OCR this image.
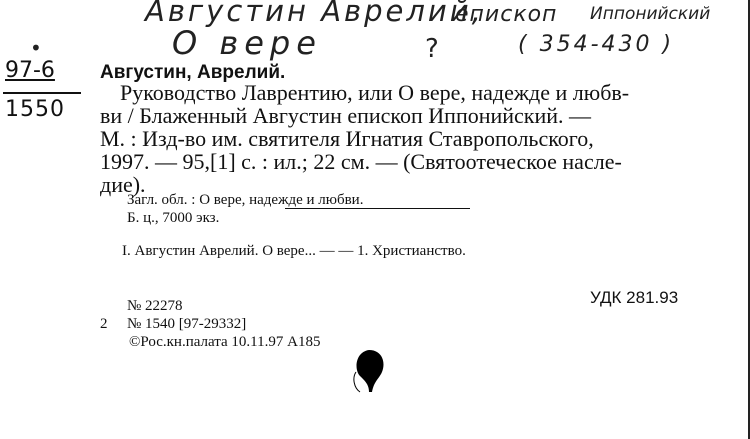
Августин Аврелий,
епископ Иппонийский
О вере	?	( 354-430 )
•
97-6
1550
Августин, Аврелий.
Руководство Лаврентию, или О вере, надежде и любв-
ви / Блаженный Августин епископ Иппонийский. —
М. : Изд-во им. святителя Игнатия Ставропольского,
1997. — 95,[1] с. : ил.; 22 см. — (Святоотеческое насле-
дие).
Загл. обл. : О вере, надежде и любви.
Б. ц., 7000 экз.
I. Августин Аврелий. О вере... — — 1. Христианство.
УДК 281.93
№ 22278
2 № 1540 [97-29332]
©Рос.кн.палата 10.11.97 А185
